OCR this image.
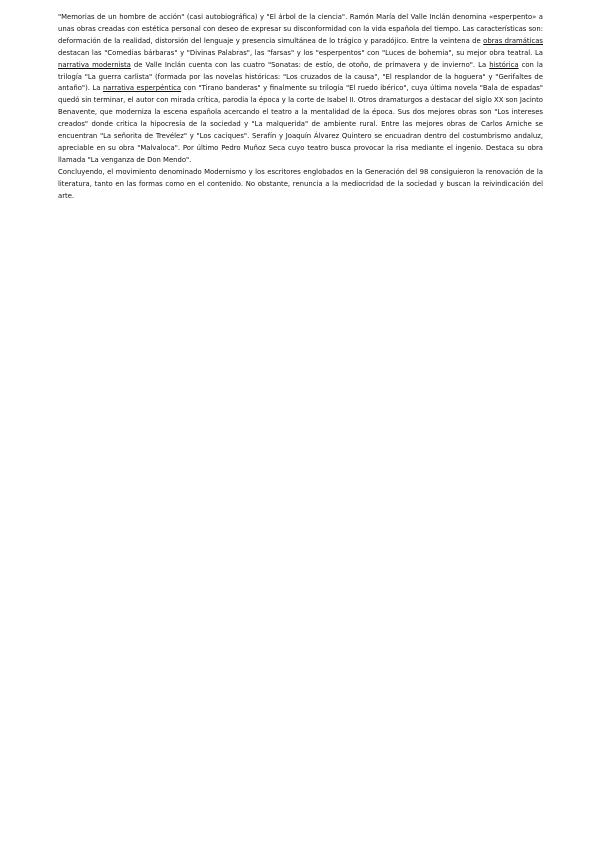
"Memorias de un hombre de acción" (casi autobiográfica) y "El árbol de la ciencia". Ramón María del Valle Inclán denomina «esperpento» a unas obras creadas con estética personal con deseo de expresar su disconformidad con la vida española del tiempo. Las características son: deformación de la realidad, distorsión del lenguaje y presencia simultánea de lo trágico y paradójico. Entre la veintena de obras dramáticas destacan las "Comedias bárbaras" y "Divinas Palabras", las "farsas" y los "esperpentos" con "Luces de bohemia", su mejor obra teatral. La narrativa modernista de Valle Inclán cuenta con las cuatro "Sonatas: de estío, de otoño, de primavera y de invierno". La histórica con la trilogía "La guerra carlista" (formada por las novelas históricas: "Los cruzados de la causa", "El resplandor de la hoguera" y "Gerifaltes de antaño"). La narrativa esperpéntica con "Tirano banderas" y finalmente su trilogía "El ruedo ibérico", cuya última novela "Bala de espadas" quedó sin terminar, el autor con mirada crítica, parodia la época y la corte de Isabel II. Otros dramaturgos a destacar del siglo XX son Jacinto Benavente, que moderniza la escena española acercando el teatro a la mentalidad de la época. Sus dos mejores obras son "Los intereses creados" donde critica la hipocresía de la sociedad y "La malquerida" de ambiente rural. Entre las mejores obras de Carlos Arniche se encuentran "La señorita de Trevélez" y "Los caciques". Serafín y Joaquín Álvarez Quintero se encuadran dentro del costumbrismo andaluz, apreciable en su obra "Malvaloca". Por último Pedro Muñoz Seca cuyo teatro busca provocar la risa mediante el ingenio. Destaca su obra llamada "La venganza de Don Mendo".

Concluyendo, el movimiento denominado Modernismo y los escritores englobados en la Generación del 98 consiguieron la renovación de la literatura, tanto en las formas como en el contenido. No obstante, renuncia a la mediocridad de la sociedad y buscan la reivindicación del arte.
